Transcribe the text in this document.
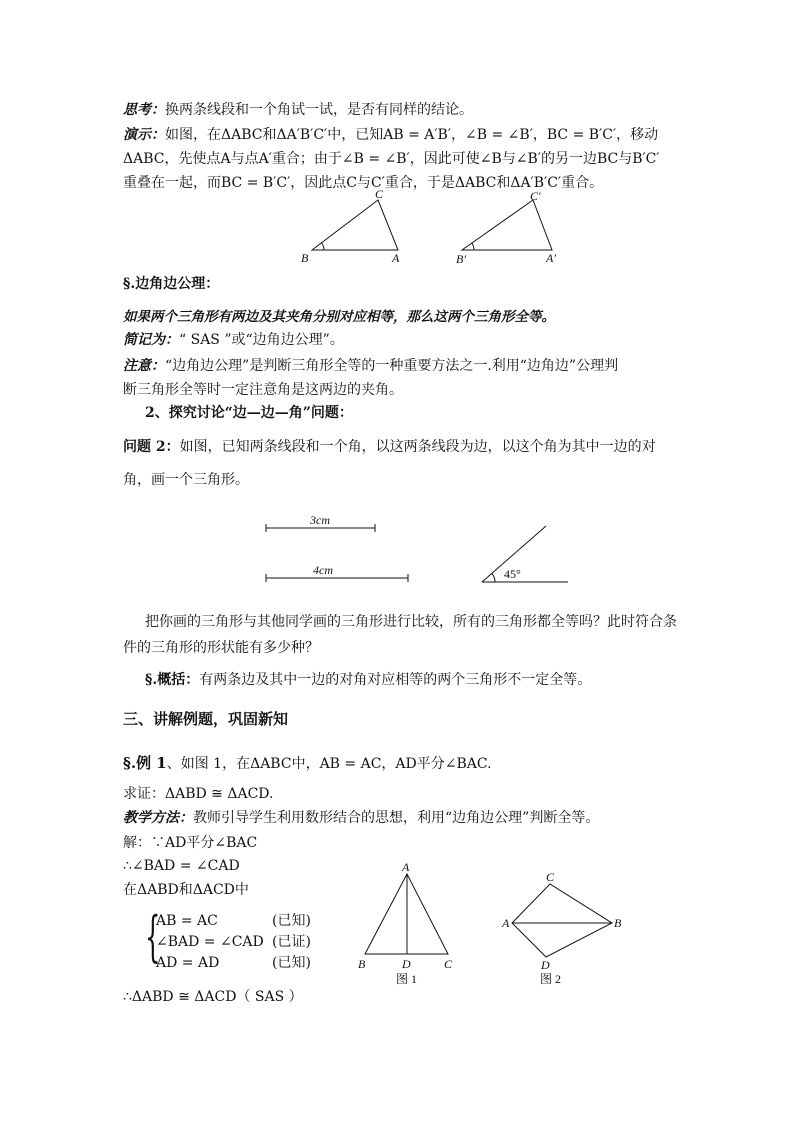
思考：换两条线段和一个角试一试，是否有同样的结论。
演示：如图，在ΔABC和ΔA′B′C′中，已知AB = A′B′，∠B = ∠B′，BC = B′C′，移动
ΔABC，先使点A与点A′重合；由于∠B = ∠B′，因此可使∠B与∠B′的另一边BC与B′C′
重叠在一起，而BC = B′C′，因此点C与C′重合，于是ΔABC和ΔA′B′C′重合。
C
B	A
C′
B′	A′
§.边角边公理：
如果两个三角形有两边及其夹角分别对应相等，那么这两个三角形全等。
简记为：“ SAS ”或“边角边公理”。
注意：“边角边公理”是判断三角形全等的一种重要方法之一.利用“边角边”公理判
断三角形全等时一定注意角是这两边的夹角。
2、探究讨论“边—边—角”问题：
问题 2：如图，已知两条线段和一个角，以这两条线段为边，以这个角为其中一边的对
角，画一个三角形。
3cm
4cm	45°
把你画的三角形与其他同学画的三角形进行比较，所有的三角形都全等吗？此时符合条
件的三角形的形状能有多少种？
§.概括：有两条边及其中一边的对角对应相等的两个三角形不一定全等。
三、讲解例题，巩固新知
§.例 1、如图 1，在ΔABC中，AB = AC，AD平分∠BAC.
求证：ΔABD ≅ ΔACD.
教学方法：教师引导学生利用数形结合的思想，利用“边角边公理”判断全等。
解：∵AD平分∠BAC
∴∠BAD = ∠CAD
在ΔABD和ΔACD中
{
AB = AC	(已知)
∠BAD = ∠CAD (已证)
AD = AD	(已知)
∴ΔABD ≅ ΔACD（ SAS ）
A
B	D	C
图 1
C
A	B
D
图 2
